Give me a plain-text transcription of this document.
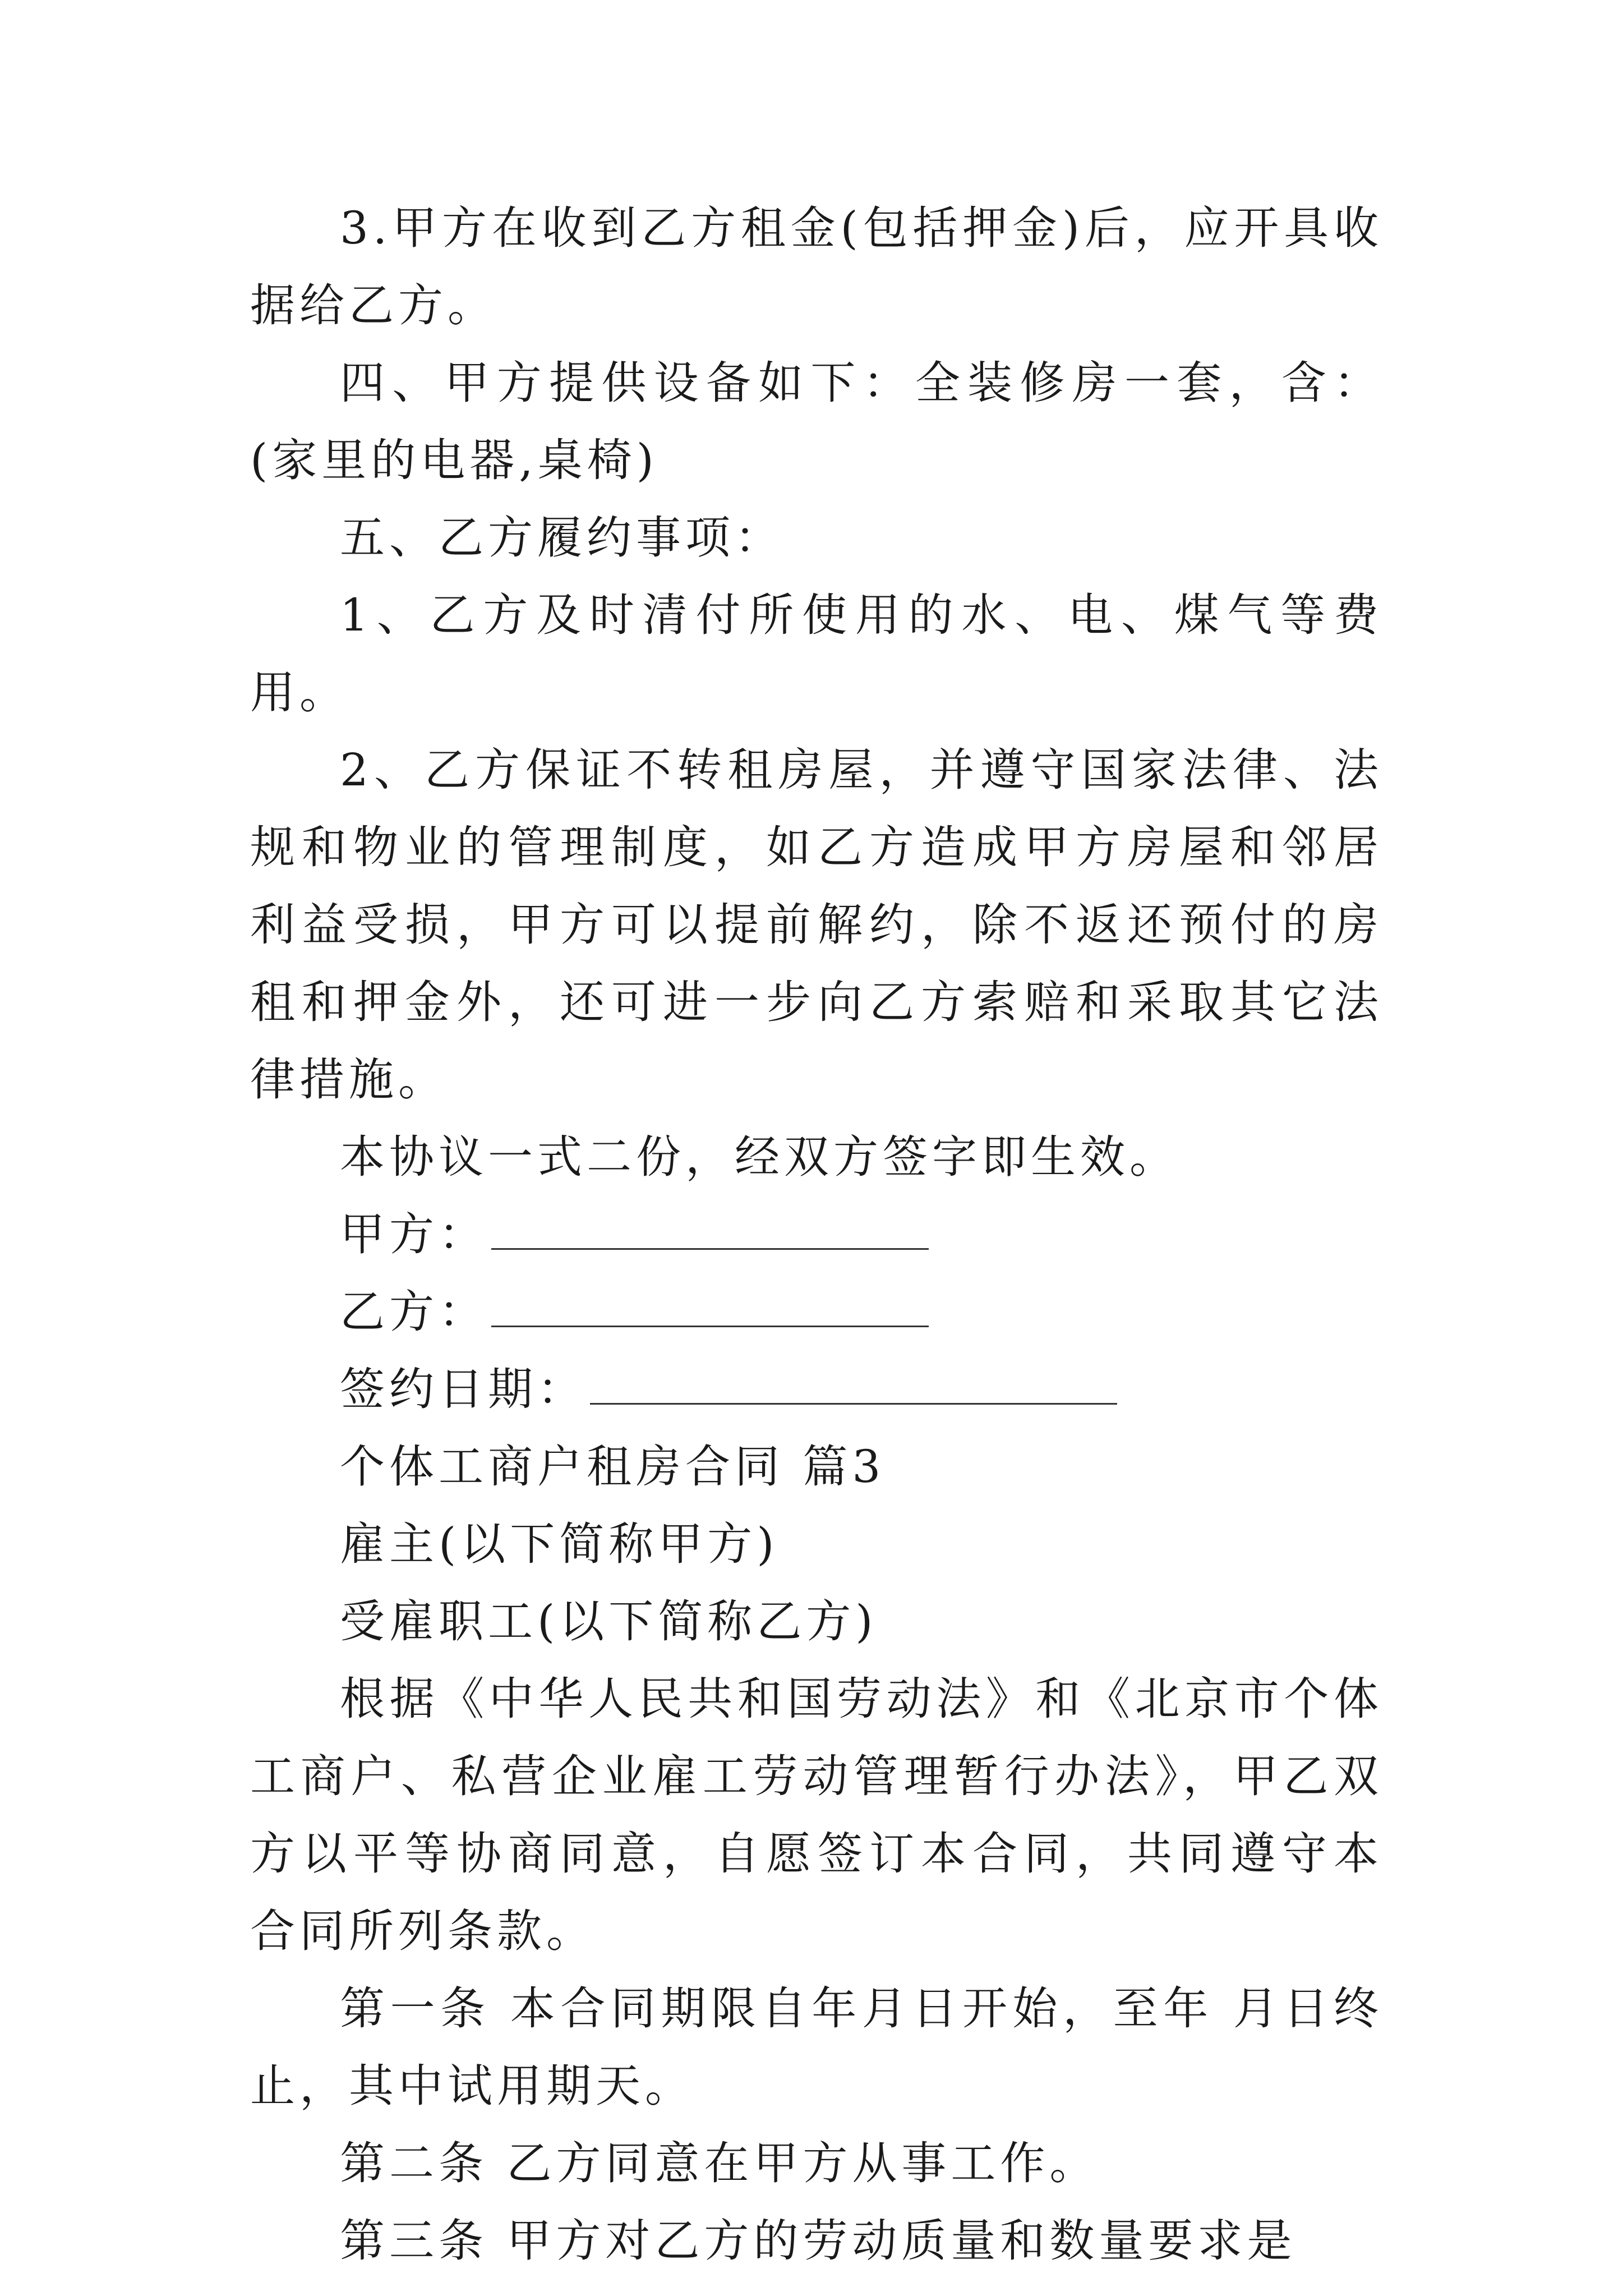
3.甲方在收到乙方租金(包括押金)后，应开具收据给乙方。

四、甲方提供设备如下：全装修房一套，含：(家里的电器,桌椅)

五、乙方履约事项：

1、乙方及时清付所使用的水、电、煤气等费用。

2、乙方保证不转租房屋，并遵守国家法律、法规和物业的管理制度，如乙方造成甲方房屋和邻居利益受损，甲方可以提前解约，除不返还预付的房租和押金外，还可进一步向乙方索赔和采取其它法律措施。

本协议一式二份，经双方签字即生效。

甲方：

乙方：

签约日期：

个体工商户租房合同 篇3

雇主(以下简称甲方)

受雇职工(以下简称乙方)

根据《中华人民共和国劳动法》和《北京市个体工商户、私营企业雇工劳动管理暂行办法》，甲乙双方以平等协商同意，自愿签订本合同，共同遵守本合同所列条款。

第一条 本合同期限自年月日开始，至年 月日终止，其中试用期天。

第二条 乙方同意在甲方从事工作。

第三条 甲方对乙方的劳动质量和数量要求是
